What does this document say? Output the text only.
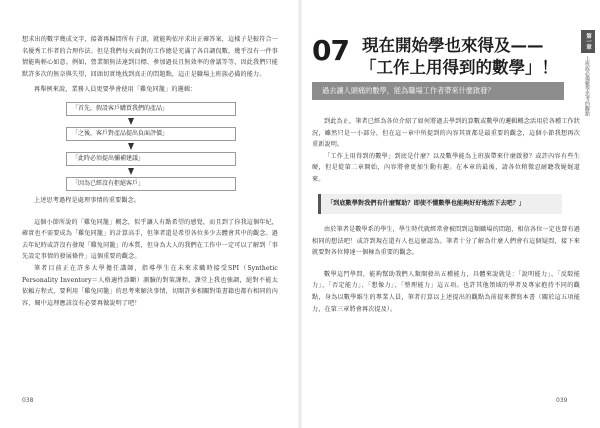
想求出的數字幾成文字，接著再歸問所有子滾，就能夠依序求出正確答案，這樣子是較符合一名優秀工作者的合理作法。但是我們每天面對的工作總是充滿了各自調侃數，幾乎沒有一件事情能夠輕心如意。例如，營業額無法達到目標、參加過長且無效率的會議等等，因此我們只能默許多次的無奈與失望，回頭切實地找到真正的問題點，這正是職場上班族必備的能力。

再舉例來說，業務人員更要學會使用「雞兔同籠」的邏輯：

「首先，假設客戶購買我們的產品」
「之後，客戶對產品提出負面評價」
「此時必須提出彌補建議」
「因為已經沒有拒絕客戶」

上述思考過程是處理事情的重要觀念。

這個小節所說的「雞兔同籠」概念，似乎讓人有點希望的感覺，而且到了你我這個年紀，確實也不需要成為「雞兔同籠」的計算高手，但筆者還是希望各位多少去體會其中的觀念。過去年紀時或許沒有發現「雞兔同籠」的本質，但身為大人的我們在工作中一定可以了解到「事先設定事情的發展條件」這個重要的觀念。

筆者目前正在許多大學擔任講師，指導學生在未來求職時接受SPI（Synthetic Personality Inventory＝人格適性診斷）測驗的對策課程，課堂上我也強調，絕對不能太依賴方程式，要利用「雞兔同籠」的思考來解決事情，切開許多相關對策書籍也都有相同的內容，閱中這理應該沒有必要再做說明了吧！

07 現在開始學也來得及——
「工作上用得到的數學」！
過去讓人頭痛的數學，能為職場工作者帶來什麼啟發？

到此為止，筆者已經為各位介紹了如何將過去學到的算數或數學的邏輯概念活用於各種工作狀況，雖然只是一小部分，但在這一章中所提到的內容其實都是最重要的觀念，這個小節我想再次重新說明。

「工作上用得到的數學」到底是什麼？以及數學能為上班族帶來什麼啟發？或許內容有些生硬，但是從第二章開始，內容將會更加生動有趣。在本章的最後，請各位稍微忍耐聽我娓娓道來。

「到底數學對我們有什麼幫助？即使不懂數學也能夠好好地活下去吧？」

由於筆者是數學系的學生，學生時代就經常會被問到這類職場的問題，相信各位一定也曾有過相同的想法吧！或許到現在還有人也這麼認為。筆者十分了解為什麼人們會有這個疑問，接下來就要對各位傳達一個極為重要的觀念。

數學這門學問，能夠幫助我們人類開發出五種能力，具體來說就是：「說明能力」、「反駁能力」、「否定能力」、「想像力」、「整理能力」這五項。也許其他領域的學者及專家抱持不同的觀點，身為以數學維生的專業人員，筆者打算以上述提出的觀點為前提來撰寫本書（關於這五項能力，在第三章將會再次提及）。

第一章
上班族必備數學思考的觀點
038	039
